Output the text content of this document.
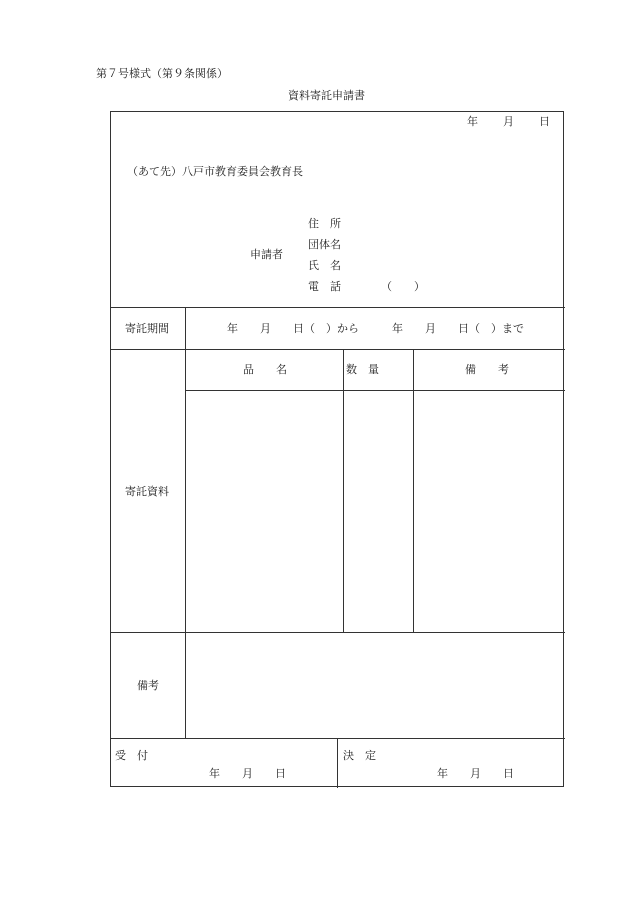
第７号様式（第９条関係）
資料寄託申請書
年 月 日
（あて先）八戸市教育委員会教育長
申請者
住　所
団体名
氏　名
電　話	（　　）
寄託期間	年　　月　　日（　）から　　　年　　月　　日（　）まで
品　　名	数　量	備　　考
寄託資料
備考
受　付
年　　月　　日
決　定
年　　月　　日
